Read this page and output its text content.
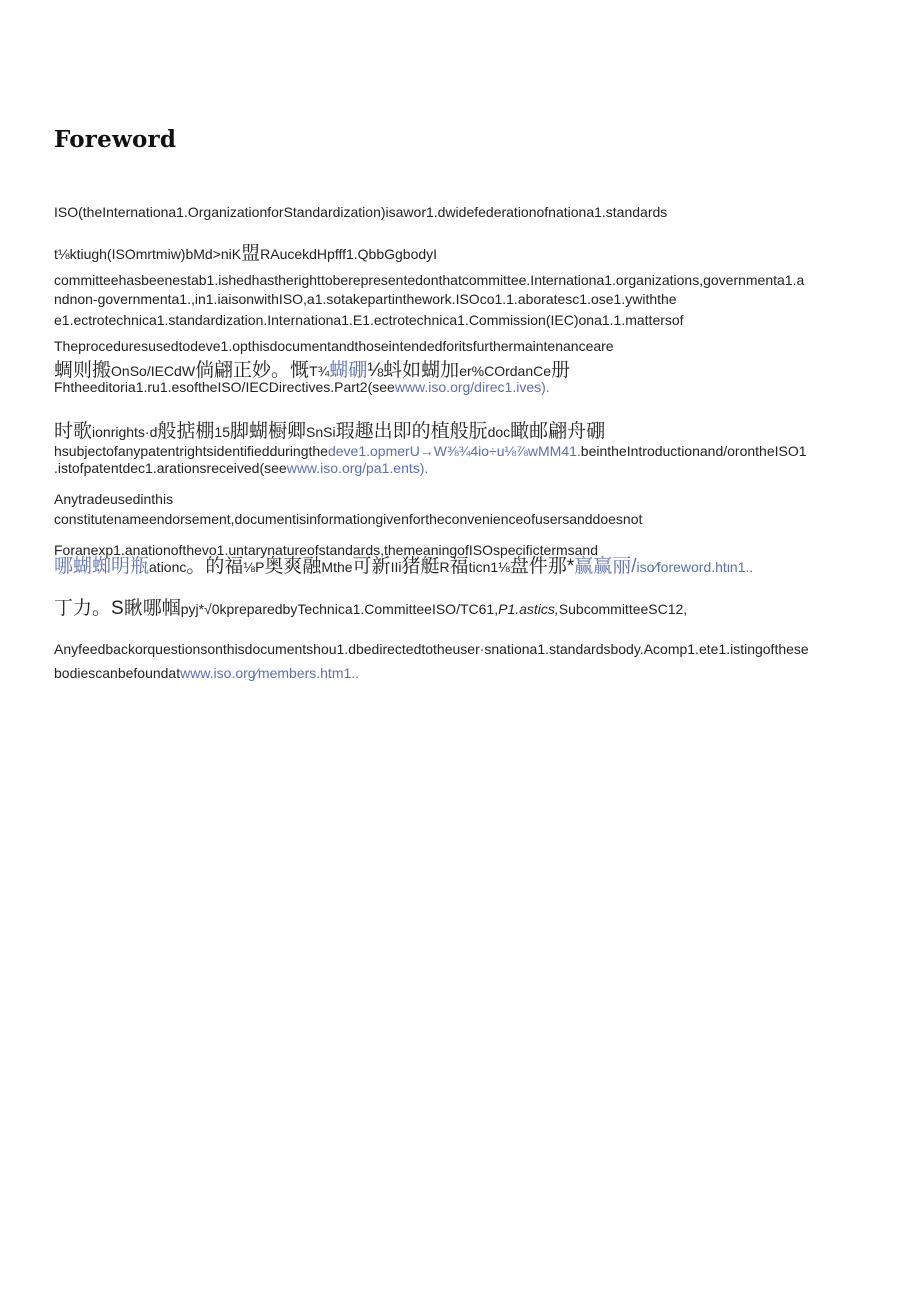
Foreword
ISO(theInternationa1.OrganizationforStandardization)isawor1.dwidefederationofnationa1.standards
t⅛ktiugh(ISOmrtmiw)bMd>niK盟RAucekdHpfff1.QbbGgbodyI
committeehasbeenestab1.ishedhastherighttoberepresentedonthatcommittee.Internationa1.organizations,governmenta1.a
ndnon-governmenta1.,in1.iaisonwithISO,a1.sotakepartinthework.ISOco1.1.aboratesc1.ose1.ywiththe
e1.ectrotechnica1.standardization.Internationa1.E1.ectrotechnica1.Commission(IEC)ona1.1.mattersof
Theproceduresusedtodeve1.opthisdocumentandthoseintendedforitsfurthermaintenanceare
蜩则搬OnSo/IECdW倘翩正妙。慨T¾蝴硼⅛蚪如蝴加er%COrdanCe册
Fhtheeditoria1.ru1.esoftheISO/IECDirectives.Part2(seewww.iso.org/direc1.ives).
时歌ionrights·d般掂棚15脚蝴橱卿SnSi瑕趣出即的植般朊doc瞰邮翩舟硼
hsubjectofanypatentrightsidentifiedduringthedeve1.opmerU→W⅜¾4io÷u⅛⅞wMM41.beintheIntroductionand/orontheISO1
.istofpatentdec1.arationsreceived(seewww.iso.org/pa1.ents).
Anytradeusedinthis
constitutenameendorsement,documentisinformationgivenfortheconvenienceofusersanddoesnot
Foranexp1.anationofthevo1.untarynatureofstandards,themeaningofISOspecifictermsand
哪蝴蜘明瓶ationc。的福⅛P奥爽融Mthe可新IIi猪艇R福ticn1⅛盘件那*赢赢丽/iso⁄foreword.htιn1..
丁力。S瞅哪帼pyj*√0kpreparedbyTechnica1.CommitteeISO/TC61,P1.astics,SubcommitteeSC12,
Anyfeedbackorquestionsonthisdocumentshou1.dbedirectedtotheuser·snationa1.standardsbody.Acomp1.ete1.istingofthese
bodiescanbefoundatwww.iso.org⁄members.htm1..
